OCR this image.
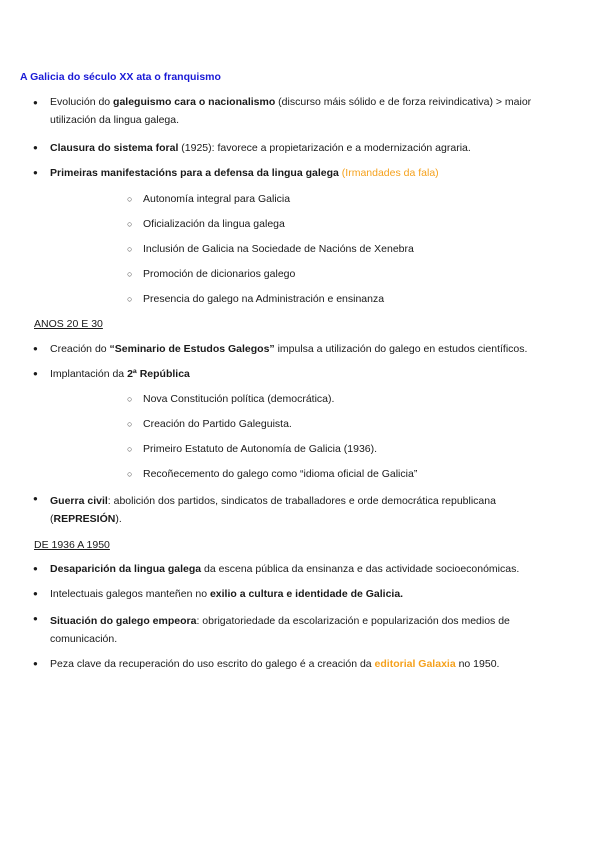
A Galicia do século XX ata o franquismo
●	Evolución do galeguismo cara o nacionalismo (discurso máis sólido e de forza reivindicativa) > maior utilización da lingua galega.
●	Clausura do sistema foral (1925): favorece a propietarización e a modernización agraria.
●	Primeiras manifestacións para a defensa da lingua galega (Irmandades da fala)
○ Autonomía integral para Galicia
○ Oficialización da lingua galega
○ Inclusión de Galicia na Sociedade de Nacións de Xenebra
○ Promoción de dicionarios galego
○ Presencia do galego na Administración e ensinanza
ANOS 20 E 30
●	Creación do “Seminario de Estudos Galegos” impulsa a utilización do galego en estudos científicos.
●	Implantación da 2ª República
○ Nova Constitución política (democrática).
○ Creación do Partido Galeguista.
○ Primeiro Estatuto de Autonomía de Galicia (1936).
○ Recoñecemento do galego como “idioma oficial de Galicia”
●	Guerra civil: abolición dos partidos, sindicatos de traballadores e orde democrática republicana
(REPRESIÓN).
DE 1936 A 1950
●	Desaparición da lingua galega da escena pública da ensinanza e das actividade socioeconómicas.
●	Intelectuais galegos manteñen no exilio a cultura e identidade de Galicia.
●	Situación do galego empeora: obrigatoriedade da escolarización e popularización dos medios de comunicación.
●	Peza clave da recuperación do uso escrito do galego é a creación da editorial Galaxia no 1950.
